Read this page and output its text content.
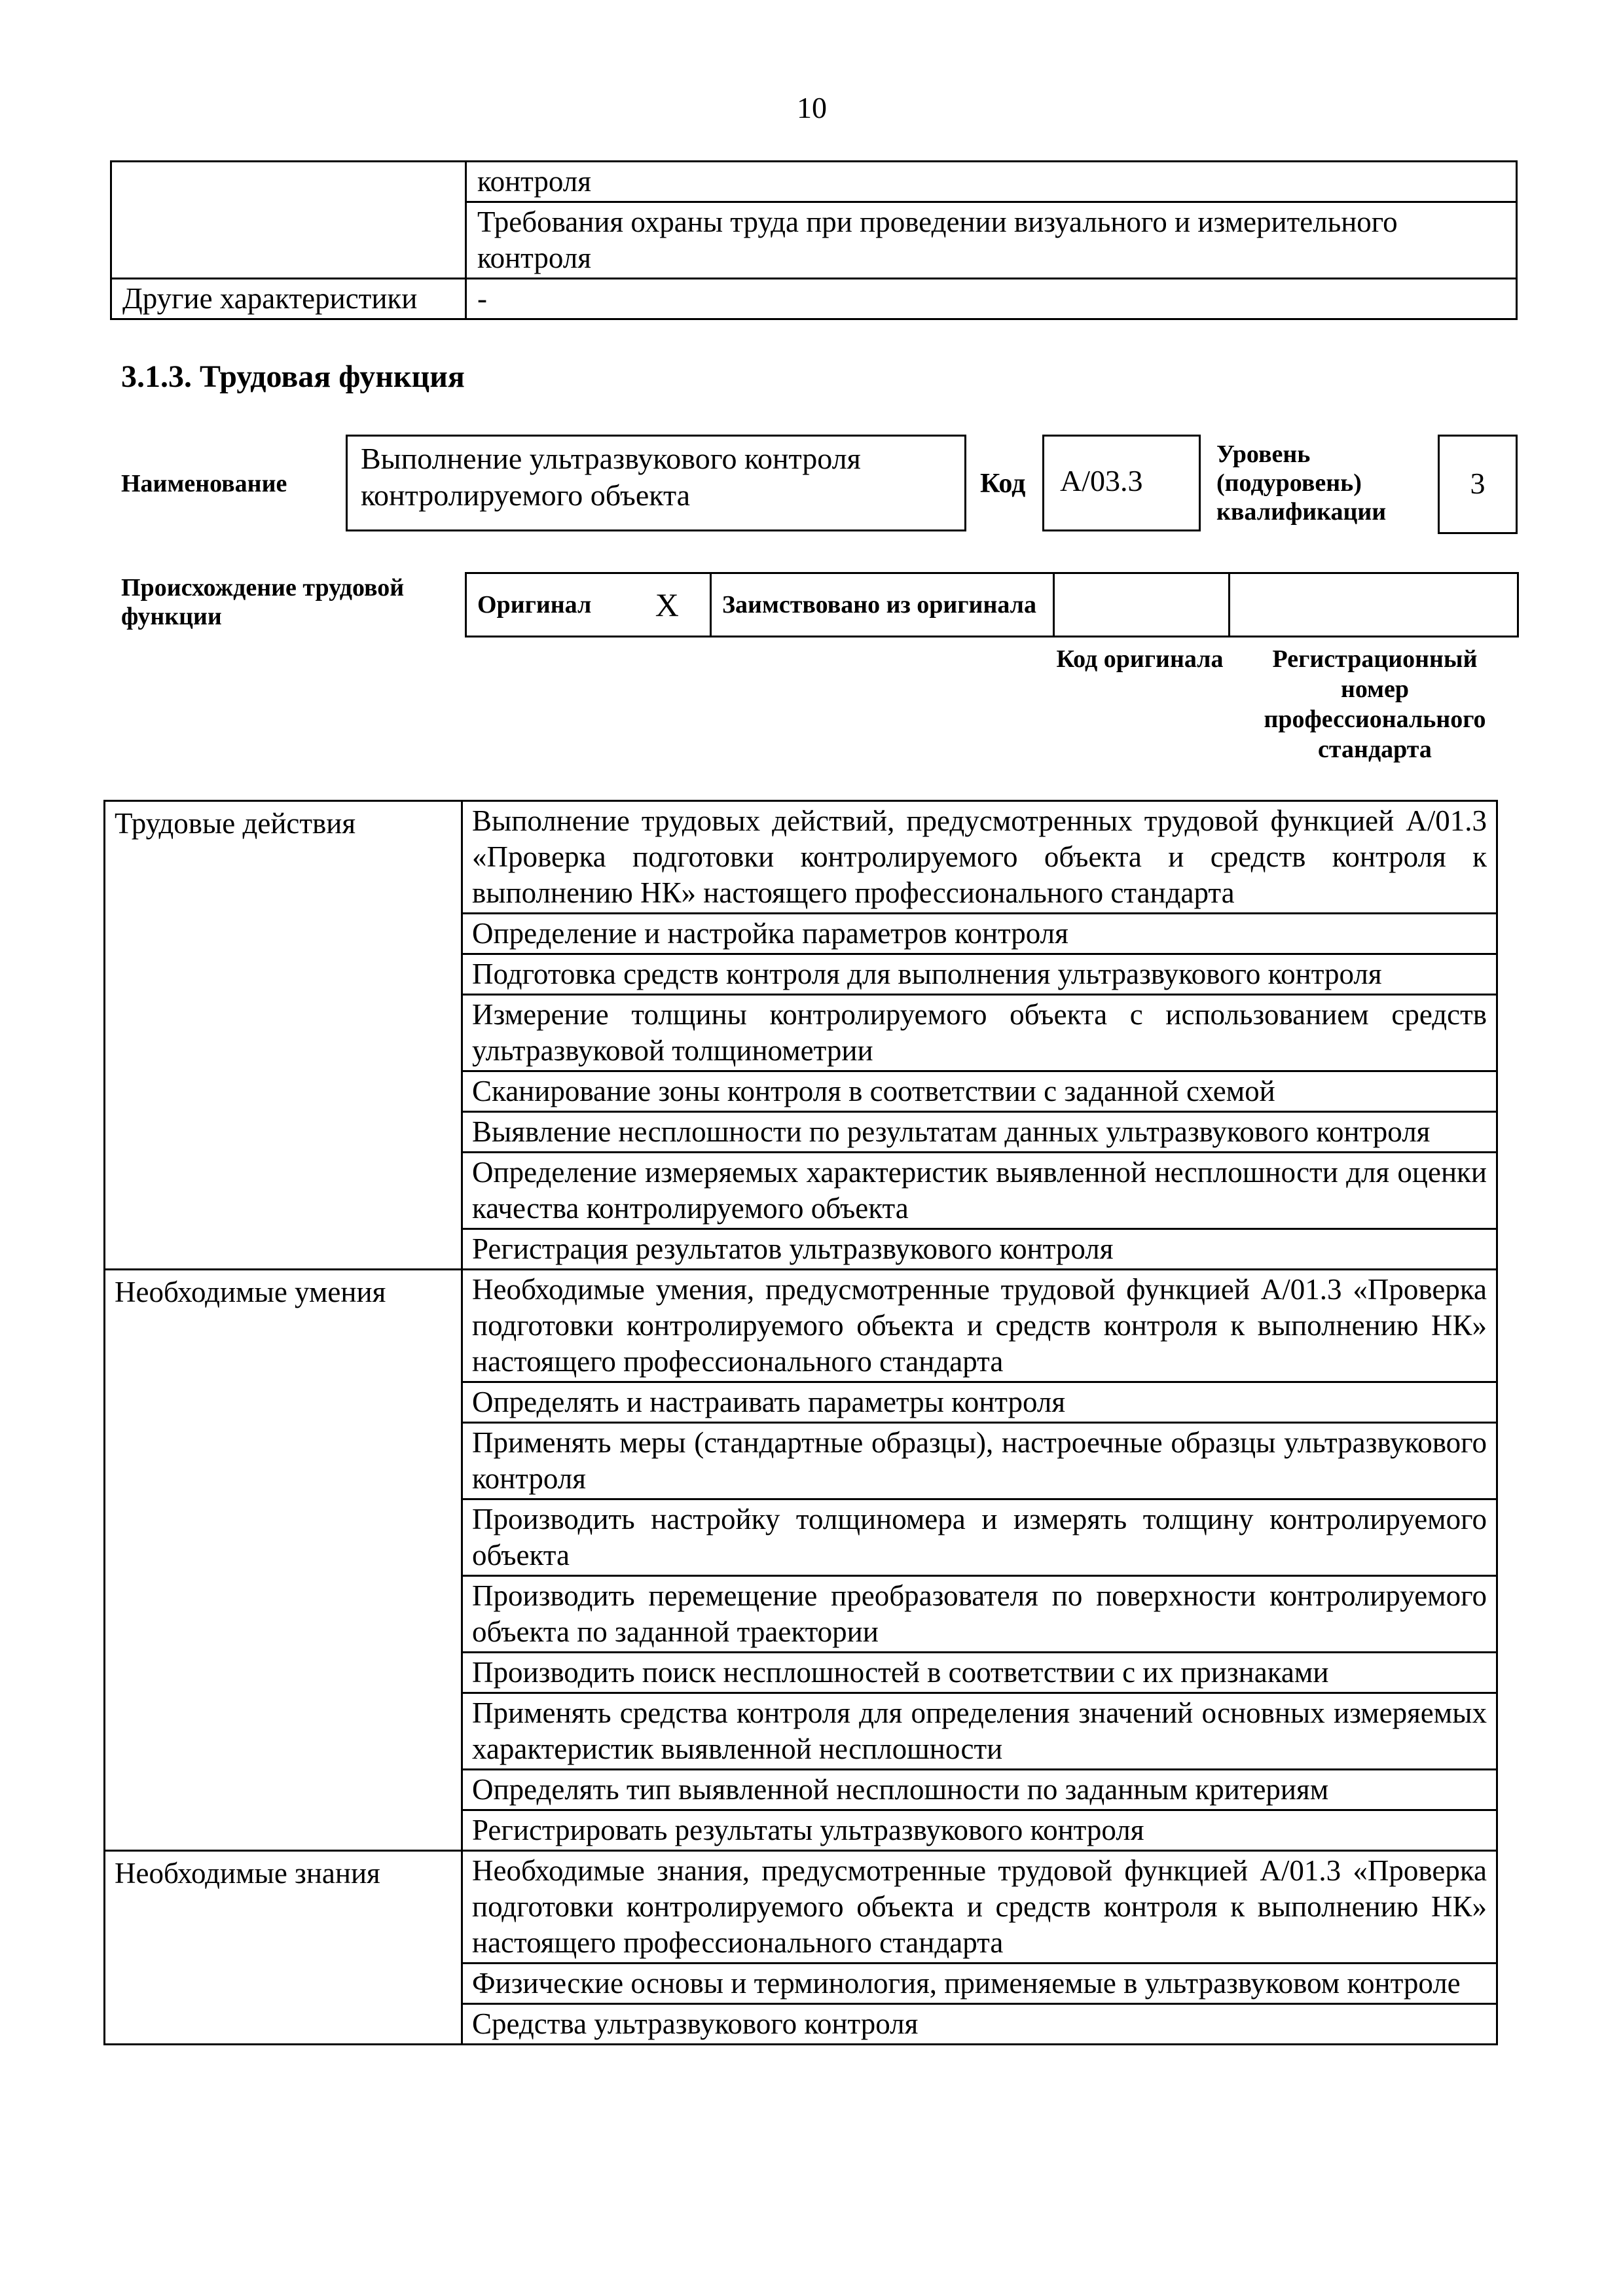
10
	контроля
	Требования охраны труда при проведении визуального и измерительного контроля
Другие характеристики	-
3.1.3. Трудовая функция
Наименование
Выполнение ультразвукового контроля контролируемого объекта	Код А/03.3
Уровень (подуровень) квалификации
3
Происхождение трудовой функции	Оригинал	X	Заимствовано из оригинала		
Код оригинала	Регистрационный номер профессионального стандарта
Трудовые действия	Выполнение трудовых действий, предусмотренных трудовой функцией А/01.3 «Проверка подготовки контролируемого объекта и средств контроля к выполнению НК» настоящего профессионального стандарта
	Определение и настройка параметров контроля
	Подготовка средств контроля для выполнения ультразвукового контроля
	Измерение толщины контролируемого объекта с использованием средств ультразвуковой толщинометрии
	Сканирование зоны контроля в соответствии с заданной схемой
	Выявление несплошности по результатам данных ультразвукового контроля
	Определение измеряемых характеристик выявленной несплошности для оценки качества контролируемого объекта
	Регистрация результатов ультразвукового контроля
Необходимые умения	Необходимые умения, предусмотренные трудовой функцией А/01.3 «Проверка подготовки контролируемого объекта и средств контроля к выполнению НК» настоящего профессионального стандарта
	Определять и настраивать параметры контроля
	Применять меры (стандартные образцы), настроечные образцы ультразвукового контроля
	Производить настройку толщиномера и измерять толщину контролируемого объекта
	Производить перемещение преобразователя по поверхности контролируемого объекта по заданной траектории
	Производить поиск несплошностей в соответствии с их признаками
	Применять средства контроля для определения значений основных измеряемых характеристик выявленной несплошности
	Определять тип выявленной несплошности по заданным критериям
	Регистрировать результаты ультразвукового контроля
Необходимые знания	Необходимые знания, предусмотренные трудовой функцией А/01.3 «Проверка подготовки контролируемого объекта и средств контроля к выполнению НК» настоящего профессионального стандарта
	Физические основы и терминология, применяемые в ультразвуковом контроле
	Средства ультразвукового контроля
